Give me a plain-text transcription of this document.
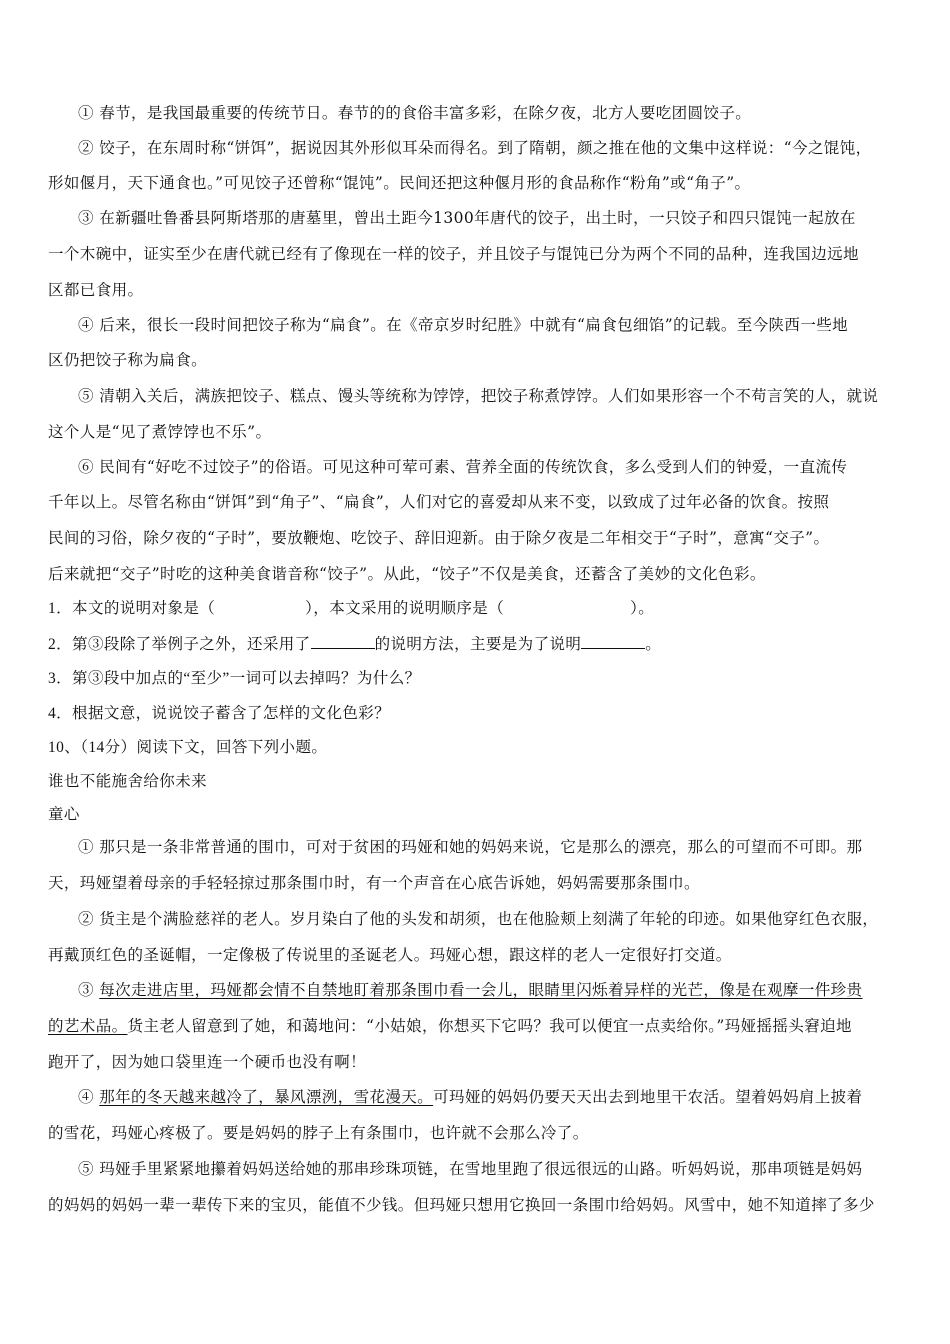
① 春节，是我国最重要的传统节日。春节的的食俗丰富多彩，在除夕夜，北方人要吃团圆饺子。
② 饺子，在东周时称“饼饵”，据说因其外形似耳朵而得名。到了隋朝，颜之推在他的文集中这样说：“今之馄饨，
形如偃月，天下通食也。”可见饺子还曾称“馄饨”。民间还把这种偃月形的食品称作“粉角”或“角子”。
③ 在新疆吐鲁番县阿斯塔那的唐墓里，曾出土距今1300年唐代的饺子，出土时，一只饺子和四只馄饨一起放在
一个木碗中，证实至少在唐代就已经有了像现在一样的饺子，并且饺子与馄饨已分为两个不同的品种，连我国边远地
区都已食用。
④ 后来，很长一段时间把饺子称为“扁食”。在《帝京岁时纪胜》中就有“扁食包细馅”的记载。至今陕西一些地
区仍把饺子称为扁食。
⑤ 清朝入关后，满族把饺子、糕点、馒头等统称为饽饽，把饺子称煮饽饽。人们如果形容一个不苟言笑的人，就说
这个人是“见了煮饽饽也不乐”。
⑥ 民间有“好吃不过饺子”的俗语。可见这种可荤可素、营养全面的传统饮食，多么受到人们的钟爱，一直流传
千年以上。尽管名称由“饼饵”到“角子”、“扁食”，人们对它的喜爱却从来不变，以致成了过年必备的饮食。按照
民间的习俗，除夕夜的“子时”，要放鞭炮、吃饺子、辞旧迎新。由于除夕夜是二年相交于“子时”，意寓“交子”。
后来就把“交子”时吃的这种美食谐音称“饺子”。从此，“饺子”不仅是美食，还蓄含了美妙的文化色彩。
1．本文的说明对象是（	），本文采用的说明顺序是（	）。
2．第③段除了举例子之外，还采用了	的说明方法，主要是为了说明	。
3．第③段中加点的“至少”一词可以去掉吗？为什么？
4．根据文意，说说饺子蓄含了怎样的文化色彩？
10、（14分）阅读下文，回答下列小题。
谁也不能施舍给你未来
童心
① 那只是一条非常普通的围巾，可对于贫困的玛娅和她的妈妈来说，它是那么的漂亮，那么的可望而不可即。那
天，玛娅望着母亲的手轻轻掠过那条围巾时，有一个声音在心底告诉她，妈妈需要那条围巾。
② 货主是个满脸慈祥的老人。岁月染白了他的头发和胡须，也在他脸颊上刻满了年轮的印迹。如果他穿红色衣服，
再戴顶红色的圣诞帽，一定像极了传说里的圣诞老人。玛娅心想，跟这样的老人一定很好打交道。
③ 每次走进店里，玛娅都会情不自禁地盯着那条围巾看一会儿，眼睛里闪烁着异样的光芒，像是在观摩一件珍贵
的艺术品。货主老人留意到了她，和蔼地问：“小姑娘，你想买下它吗？我可以便宜一点卖给你。”玛娅摇摇头窘迫地
跑开了，因为她口袋里连一个硬币也没有啊！
④ 那年的冬天越来越冷了，暴风漂洌，雪花漫天。可玛娅的妈妈仍要天天出去到地里干农活。望着妈妈肩上披着
的雪花，玛娅心疼极了。要是妈妈的脖子上有条围巾，也许就不会那么冷了。
⑤ 玛娅手里紧紧地攥着妈妈送给她的那串珍珠项链，在雪地里跑了很远很远的山路。听妈妈说，那串项链是妈妈
的妈妈的妈妈一辈一辈传下来的宝贝，能值不少钱。但玛娅只想用它换回一条围巾给妈妈。风雪中，她不知道摔了多少
